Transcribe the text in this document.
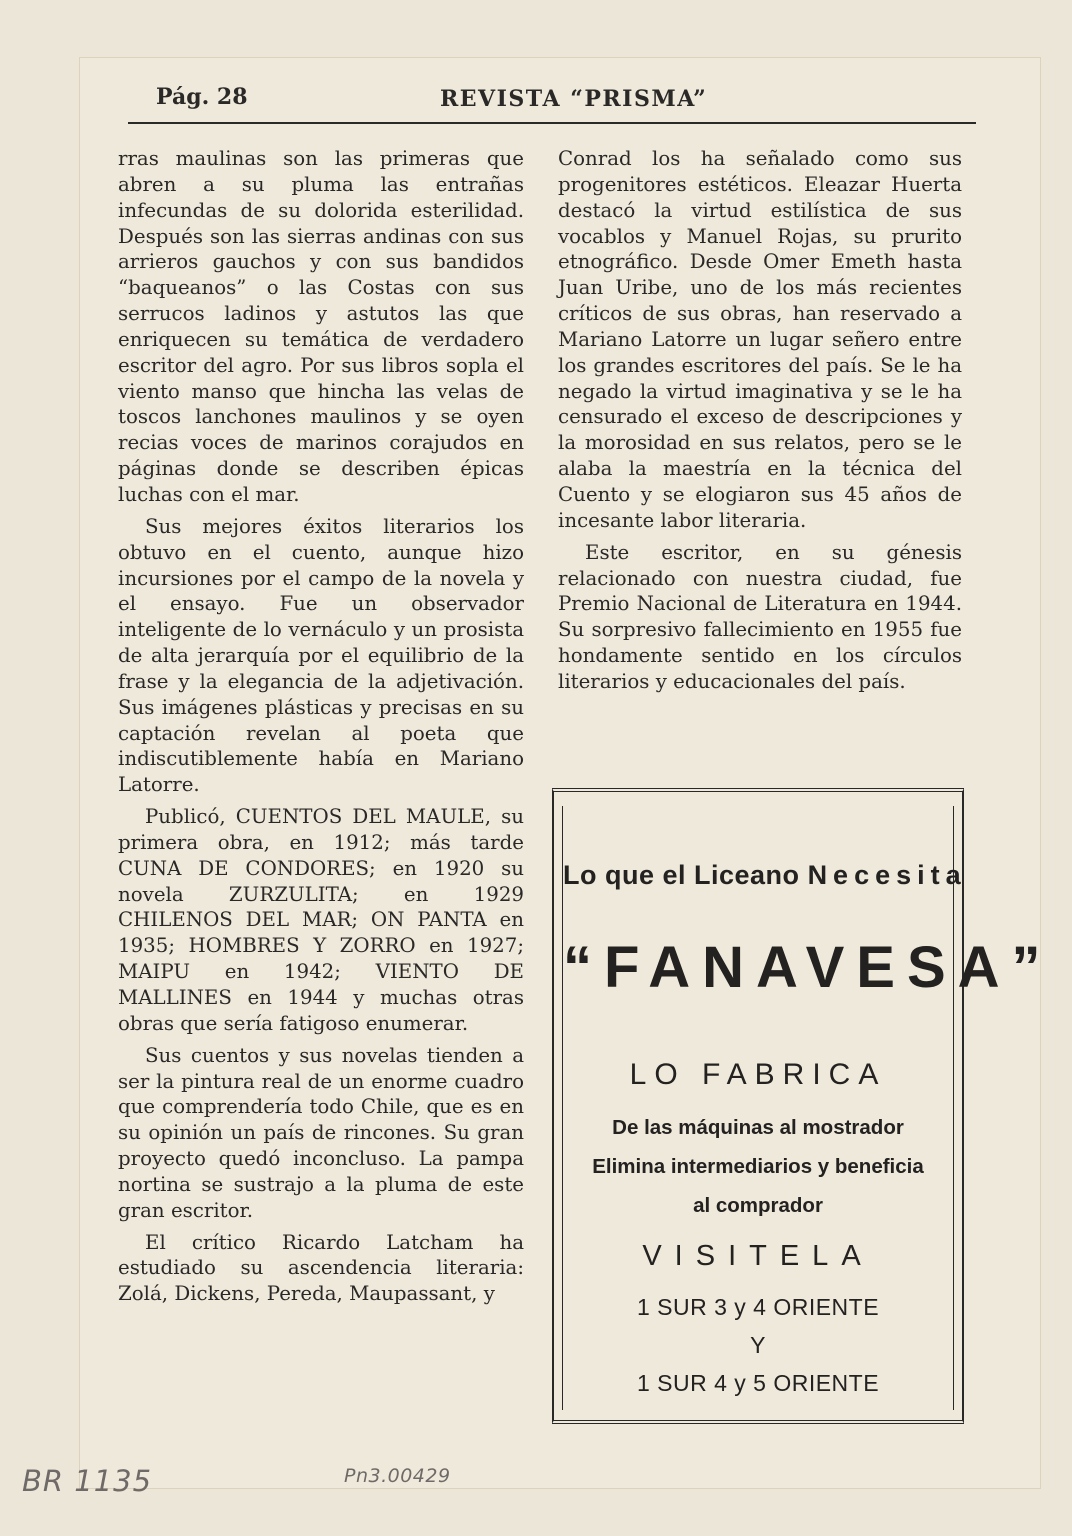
Pág. 28	REVISTA “PRISMA”

rras maulinas son las primeras que abren a su pluma las entrañas infecundas de su dolorida esterilidad. Después son las sierras andinas con sus arrieros gauchos y con sus bandidos “baqueanos” o las Costas con sus serrucos ladinos y astutos las que enriquecen su temática de verdadero escritor del agro. Por sus libros sopla el viento manso que hincha las velas de toscos lanchones maulinos y se oyen recias voces de marinos corajudos en páginas donde se describen épicas luchas con el mar.

Sus mejores éxitos literarios los obtuvo en el cuento, aunque hizo incursiones por el campo de la novela y el ensayo. Fue un observador inteligente de lo vernáculo y un prosista de alta jerarquía por el equilibrio de la frase y la elegancia de la adjetivación. Sus imágenes plásticas y precisas en su captación revelan al poeta que indiscutiblemente había en Mariano Latorre.

Publicó, CUENTOS DEL MAULE, su primera obra, en 1912; más tarde CUNA DE CONDORES; en 1920 su novela ZURZULITA; en 1929 CHILENOS DEL MAR; ON PANTA en 1935; HOMBRES Y ZORRO en 1927; MAIPU en 1942; VIENTO DE MALLINES en 1944 y muchas otras obras que sería fatigoso enumerar.

Sus cuentos y sus novelas tienden a ser la pintura real de un enorme cuadro que comprendería todo Chile, que es en su opinión un país de rincones. Su gran proyecto quedó inconcluso. La pampa nortina se sustrajo a la pluma de este gran escritor.

El crítico Ricardo Latcham ha estudiado su ascendencia literaria: Zolá, Dickens, Pereda, Maupassant, y

Conrad los ha señalado como sus progenitores estéticos. Eleazar Huerta destacó la virtud estilística de sus vocablos y Manuel Rojas, su prurito etnográfico. Desde Omer Emeth hasta Juan Uribe, uno de los más recientes críticos de sus obras, han reservado a Mariano Latorre un lugar señero entre los grandes escritores del país. Se le ha negado la virtud imaginativa y se le ha censurado el exceso de descripciones y la morosidad en sus relatos, pero se le alaba la maestría en la técnica del Cuento y se elogiaron sus 45 años de incesante labor literaria.

Este escritor, en su génesis relacionado con nuestra ciudad, fue Premio Nacional de Literatura en 1944. Su sorpresivo fallecimiento en 1955 fue hondamente sentido en los círculos literarios y educacionales del país.

Lo que el Liceano Necesita
“FANAVESA”
LO FABRICA
De las máquinas al mostrador
Elimina intermediarios y beneficia
al comprador
VISITELA
1 SUR 3 y 4 ORIENTE
Y
1 SUR 4 y 5 ORIENTE
BR 1135	Pn3.00429
